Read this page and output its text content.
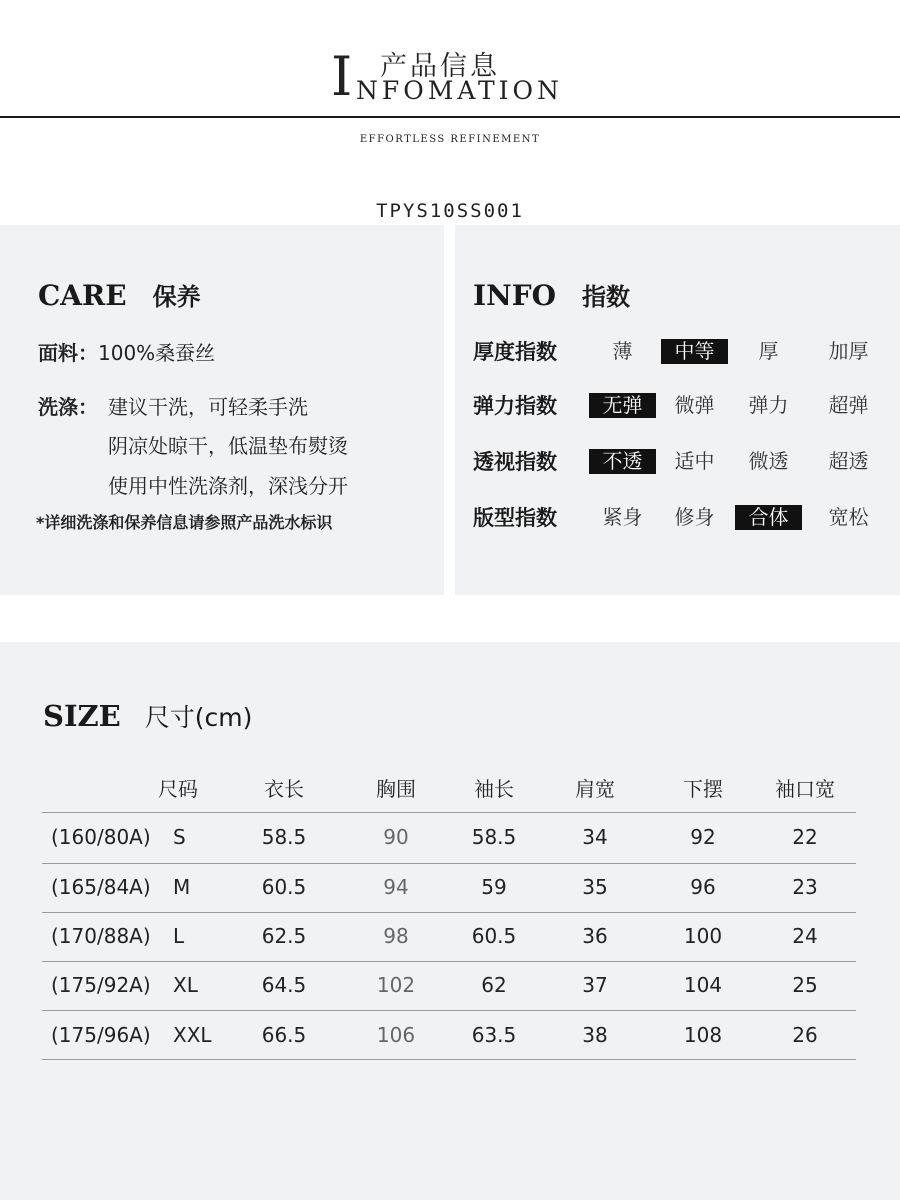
产品信息
I NFOMATION
EFFORTLESS REFINEMENT
TPYS10SS001
CARE 保养
面料：100%桑蚕丝
洗涤： 建议干洗，可轻柔手洗
阴凉处晾干，低温垫布熨烫
使用中性洗涤剂，深浅分开
*详细洗涤和保养信息请参照产品洗水标识
INFO 指数
厚度指数	薄	中等	厚	加厚
弹力指数	无弹	微弹	弹力	超弹
透视指数	不透	适中	微透	超透
版型指数	紧身	修身	合体	宽松
SIZE 尺寸(cm)
尺码	衣长	胸围	袖长	肩宽	下摆	袖口宽
(160/80A) S	58.5	90	58.5	34	92	22
(165/84A) M	60.5	94	59	35	96	23
(170/88A) L	62.5	98	60.5	36	100	24
(175/92A) XL	64.5	102	62	37	104	25
(175/96A) XXL	66.5	106	63.5	38	108	26
